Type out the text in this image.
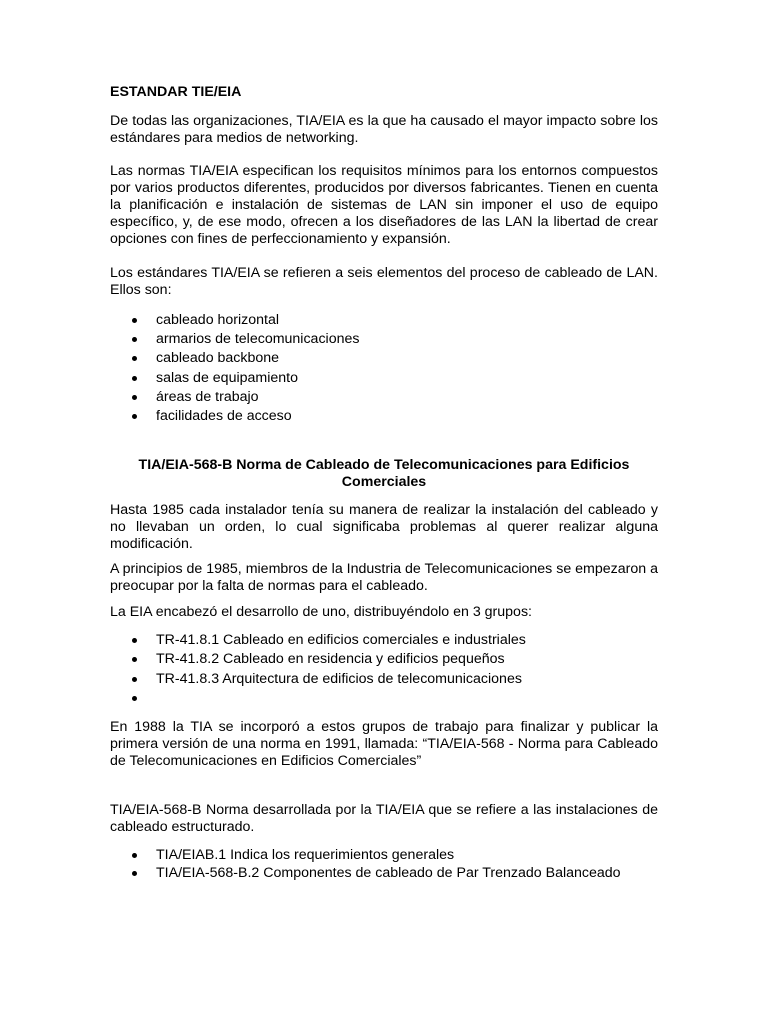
ESTANDAR TIE/EIA

De todas las organizaciones, TIA/EIA es la que ha causado el mayor impacto sobre los estándares para medios de networking.

Las normas TIA/EIA especifican los requisitos mínimos para los entornos compuestos por varios productos diferentes, producidos por diversos fabricantes. Tienen en cuenta la planificación e instalación de sistemas de LAN sin imponer el uso de equipo específico, y, de ese modo, ofrecen a los diseñadores de las LAN la libertad de crear opciones con fines de perfeccionamiento y expansión.

Los estándares TIA/EIA se refieren a seis elementos del proceso de cableado de LAN. Ellos son:

cableado horizontal
armarios de telecomunicaciones
cableado backbone
salas de equipamiento
áreas de trabajo
facilidades de acceso
TIA/EIA-568-B Norma de Cableado de Telecomunicaciones para Edificios Comerciales

Hasta 1985 cada instalador tenía su manera de realizar la instalación del cableado y no llevaban un orden, lo cual significaba problemas al querer realizar alguna modificación.

A principios de 1985, miembros de la Industria de Telecomunicaciones se empezaron a preocupar por la falta de normas para el cableado.

La EIA encabezó el desarrollo de uno, distribuyéndolo en 3 grupos:

TR-41.8.1 Cableado en edificios comerciales e industriales
TR-41.8.2 Cableado en residencia y edificios pequeños
TR-41.8.3 Arquitectura de edificios de telecomunicaciones

En 1988 la TIA se incorporó a estos grupos de trabajo para finalizar y publicar la primera versión de una norma en 1991, llamada: “TIA/EIA-568 - Norma para Cableado de Telecomunicaciones en Edificios Comerciales”

TIA/EIA-568-B Norma desarrollada por la TIA/EIA que se refiere a las instalaciones de cableado estructurado.

TIA/EIAB.1 Indica los requerimientos generales
TIA/EIA-568-B.2 Componentes de cableado de Par Trenzado Balanceado
